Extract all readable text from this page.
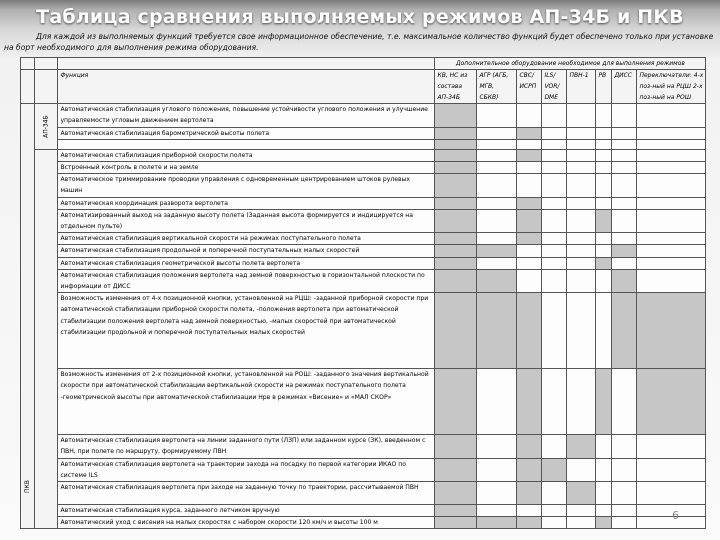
Таблица сравнения выполняемых режимов АП-34Б и ПКВ
Для каждой из выполняемых функций требуется свое информационное обеспечение, т.е. максимальное количество функций будет обеспечено только при установке на борт необходимого для выполнения режима оборудования.
			Дополнительное оборудование необходимое для выполнения режимов							
		Функция	КВ, НС из состава АП-34Б	АГР (АГБ, МГВ, СБКВ)	СВС/ ИСРП	ILS/ VOR/ DME	ПВН-1	РВ	ДИСС	Переключатели: 4-х поз-ный на РЦШ 2-х поз-ный на РОШ
ПКВ	АП-34Б	Автоматическая стабилизация углового положения, повышение устойчивости углового положения и улучшение управляемости угловым движением вертолета								
		Автоматическая стабилизация барометрической высоты полета								

		Автоматическая стабилизация приборной скорости полета								
		Встроенный контроль в полете и на земле								
		Автоматическое триммирование проводки управления с одновременным центрированием штоков рулевых машин								
		Автоматическая координация разворота вертолета								
		Автоматизированный выход на заданную высоту полета (Заданная высота формируется и индицируется на отдельном пульте)								
		Автоматическая стабилизация вертикальной скорости на режимах поступательного полета								
		Автоматическая стабилизация продольной и поперечной поступательных малых скоростей								
		Автоматическая стабилизация геометрической высоты полета вертолета								
		Автоматическая стабилизация положения вертолета над земной поверхностью в горизонтальной плоскости по информации от ДИСС								
		Возможность изменения от 4-х позиционной кнопки, установленной на РЦШ: -заданной приборной скорости при автоматической стабилизации приборной скорости полета, -положения вертолета при автоматической стабилизации положения вертолета над земной поверхностью, -малых скоростей при автоматической стабилизации продольной и поперечной поступательных малых скоростей								
		Возможность изменения от 2-х позиционной кнопки, установленной на РОШ: -заданного значения вертикальной скорости при автоматической стабилизации вертикальной скорости на режимах поступательного полета -геометрической высоты при автоматической стабилизации Нрв в режимах «Висение» и «МАЛ СКОР»								
		Автоматическая стабилизация вертолета на линии заданного пути (ЛЗП) или заданном курсе (ЗК), введенном с ПВН, при полете по маршруту, формируемому ПВН								
		Автоматическая стабилизация вертолета на траектории захода на посадку по первой категории ИКАО по системе ILS								
		Автоматическая стабилизация вертолета при заходе на заданную точку по траектории, рассчитываемой ПВН								
		Автоматическая стабилизация курса, заданного летчиком вручную								
		Автоматический уход с висения на малых скоростях с набором скорости 120 км/ч и высоты 100 м								
6
